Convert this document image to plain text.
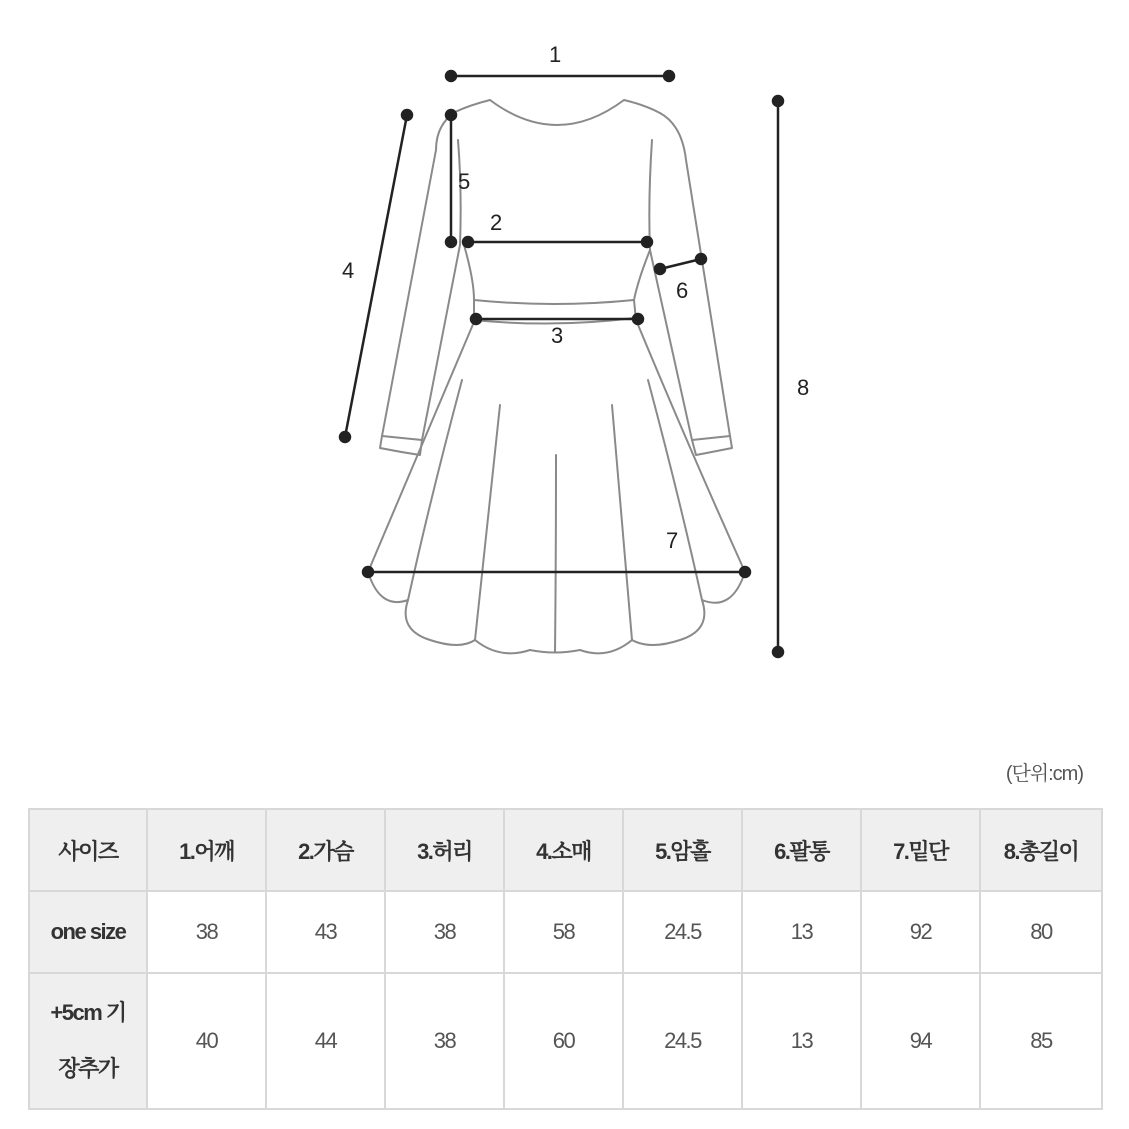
1
2
3
4
5
6
7
8
(단위:cm)
사이즈	1.어깨	2.가슴	3.허리	4.소매	5.암홀	6.팔통	7.밑단	8.총길이
one size	38	43	38	58	24.5	13	92	80
+5cm 기
장추가	40	44	38	60	24.5	13	94	85
